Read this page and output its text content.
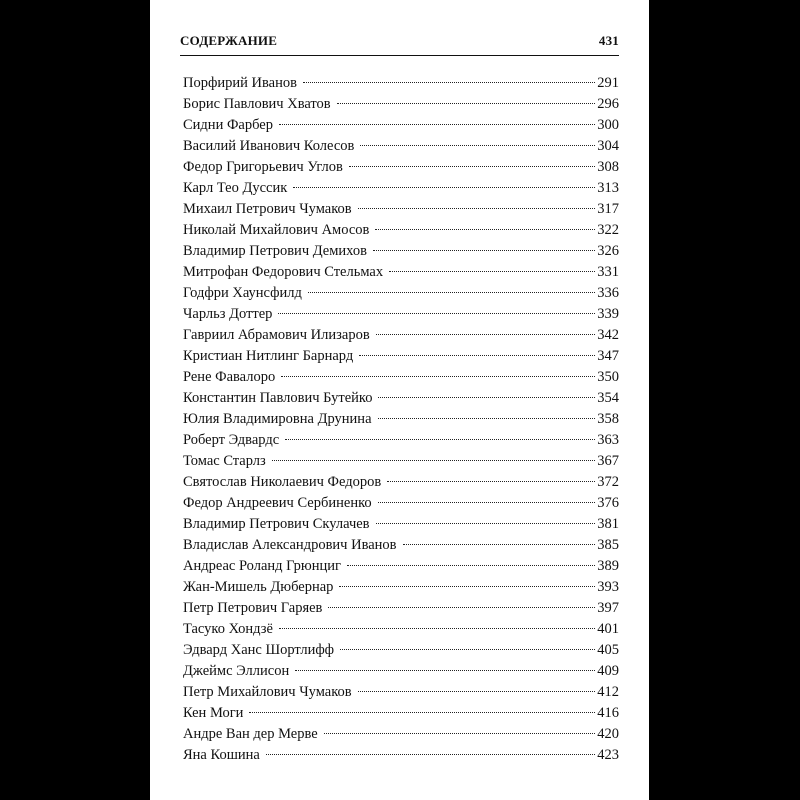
СОДЕРЖАНИЕ	431
Порфирий Иванов	291
Борис Павлович Хватов	296
Сидни Фарбер	300
Василий Иванович Колесов	304
Федор Григорьевич Углов	308
Карл Тео Дуссик	313
Михаил Петрович Чумаков	317
Николай Михайлович Амосов	322
Владимир Петрович Демихов	326
Митрофан Федорович Стельмах	331
Годфри Хаунсфилд	336
Чарльз Доттер	339
Гавриил Абрамович Илизаров	342
Кристиан Нитлинг Барнард	347
Рене Фавалоро	350
Константин Павлович Бутейко	354
Юлия Владимировна Друнина	358
Роберт Эдвардс	363
Томас Старлз	367
Святослав Николаевич Федоров	372
Федор Андреевич Сербиненко	376
Владимир Петрович Скулачев	381
Владислав Александрович Иванов	385
Андреас Роланд Грюнциг	389
Жан-Мишель Дюбернар	393
Петр Петрович Гаряев	397
Тасуко Хондзё	401
Эдвард Ханс Шортлифф	405
Джеймс Эллисон	409
Петр Михайлович Чумаков	412
Кен Моги	416
Андре Ван дер Мерве	420
Яна Кошина	423
